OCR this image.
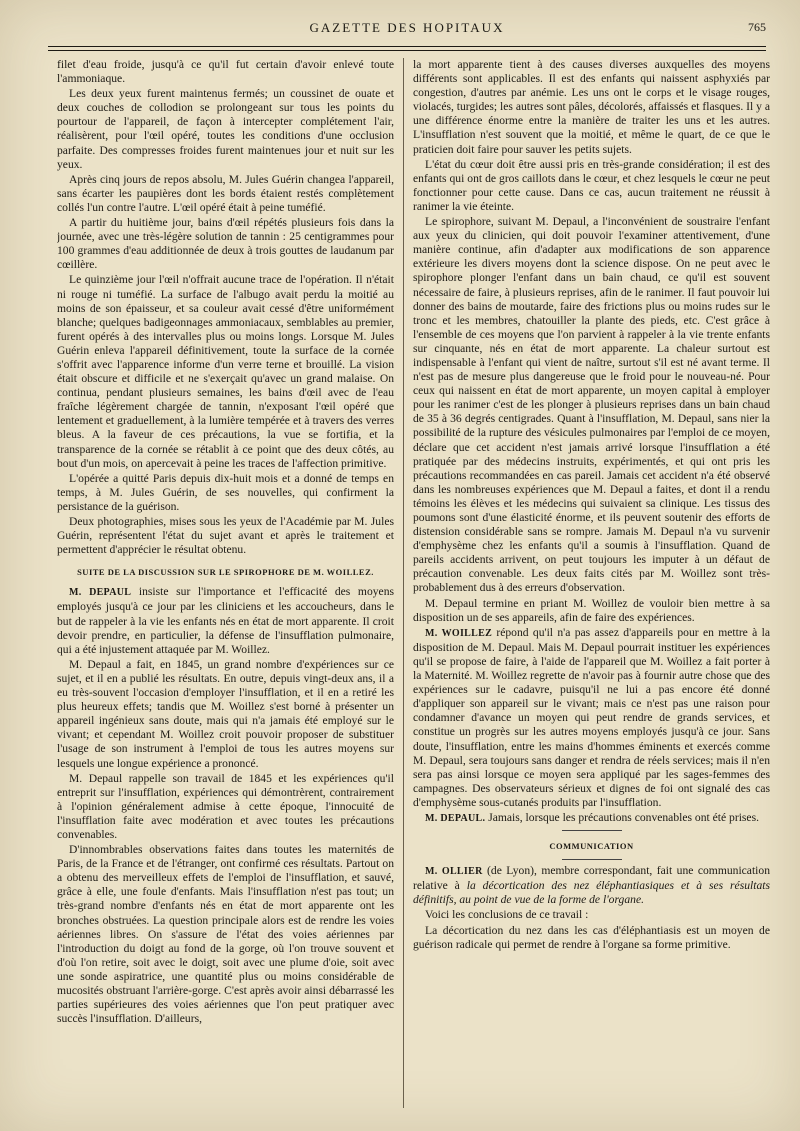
GAZETTE DES HOPITAUX	765

filet d'eau froide, jusqu'à ce qu'il fut certain d'avoir enlevé toute l'ammoniaque.

Les deux yeux furent maintenus fermés; un coussinet de ouate et deux couches de collodion se prolongeant sur tous les points du pourtour de l'appareil, de façon à intercepter complétement l'air, réalisèrent, pour l'œil opéré, toutes les conditions d'une occlusion parfaite. Des compresses froides furent maintenues jour et nuit sur les yeux.

Après cinq jours de repos absolu, M. Jules Guérin changea l'appareil, sans écarter les paupières dont les bords étaient restés complètement collés l'un contre l'autre. L'œil opéré était à peine tuméfié.

A partir du huitième jour, bains d'œil répétés plusieurs fois dans la journée, avec une très-légère solution de tannin : 25 centigrammes pour 100 grammes d'eau additionnée de deux à trois gouttes de laudanum par cœillère.

Le quinzième jour l'œil n'offrait aucune trace de l'opération. Il n'était ni rouge ni tuméfié. La surface de l'albugo avait perdu la moitié au moins de son épaisseur, et sa couleur avait cessé d'être uniformément blanche; quelques badigeonnages ammoniacaux, semblables au premier, furent opérés à des intervalles plus ou moins longs. Lorsque M. Jules Guérin enleva l'appareil définitivement, toute la surface de la cornée s'offrit avec l'apparence informe d'un verre terne et brouillé. La vision était obscure et difficile et ne s'exerçait qu'avec un grand malaise. On continua, pendant plusieurs semaines, les bains d'œil avec de l'eau fraîche légèrement chargée de tannin, n'exposant l'œil opéré que lentement et graduellement, à la lumière tempérée et à travers des verres bleus. A la faveur de ces précautions, la vue se fortifia, et la transparence de la cornée se rétablit à ce point que des deux côtés, au bout d'un mois, on apercevait à peine les traces de l'affection primitive.

L'opérée a quitté Paris depuis dix-huit mois et a donné de temps en temps, à M. Jules Guérin, de ses nouvelles, qui confirment la persistance de la guérison.

Deux photographies, mises sous les yeux de l'Académie par M. Jules Guérin, représentent l'état du sujet avant et après le traitement et permettent d'apprécier le résultat obtenu.

SUITE DE LA DISCUSSION SUR LE SPIROPHORE DE M. WOILLEZ.

M. DEPAUL insiste sur l'importance et l'efficacité des moyens employés jusqu'à ce jour par les cliniciens et les accoucheurs, dans le but de rappeler à la vie les enfants nés en état de mort apparente. Il croit devoir prendre, en particulier, la défense de l'insufflation pulmonaire, qui a été injustement attaquée par M. Woillez.

M. Depaul a fait, en 1845, un grand nombre d'expériences sur ce sujet, et il en a publié les résultats. En outre, depuis vingt-deux ans, il a eu très-souvent l'occasion d'employer l'insufflation, et il en a retiré les plus heureux effets; tandis que M. Woillez s'est borné à présenter un appareil ingénieux sans doute, mais qui n'a jamais été employé sur le vivant; et cependant M. Woillez croit pouvoir proposer de substituer l'usage de son instrument à l'emploi de tous les autres moyens sur lesquels une longue expérience a prononcé.

M. Depaul rappelle son travail de 1845 et les expériences qu'il entreprit sur l'insufflation, expériences qui démontrèrent, contrairement à l'opinion généralement admise à cette époque, l'innocuité de l'insufflation faite avec modération et avec toutes les précautions convenables.

D'innombrables observations faites dans toutes les maternités de Paris, de la France et de l'étranger, ont confirmé ces résultats. Partout on a obtenu des merveilleux effets de l'emploi de l'insufflation, et sauvé, grâce à elle, une foule d'enfants. Mais l'insufflation n'est pas tout; un très-grand nombre d'enfants nés en état de mort apparente ont les bronches obstruées. La question principale alors est de rendre les voies aériennes libres. On s'assure de l'état des voies aériennes par l'introduction du doigt au fond de la gorge, où l'on trouve souvent et d'où l'on retire, soit avec le doigt, soit avec une plume d'oie, soit avec une sonde aspiratrice, une quantité plus ou moins considérable de mucosités obstruant l'arrière-gorge. C'est après avoir ainsi débarrassé les parties supérieures des voies aériennes que l'on peut pratiquer avec succès l'insufflation. D'ailleurs,

la mort apparente tient à des causes diverses auxquelles des moyens différents sont applicables. Il est des enfants qui naissent asphyxiés par congestion, d'autres par anémie. Les uns ont le corps et le visage rouges, violacés, turgides; les autres sont pâles, décolorés, affaissés et flasques. Il y a une différence énorme entre la manière de traiter les uns et les autres. L'insufflation n'est souvent que la moitié, et même le quart, de ce que le praticien doit faire pour sauver les petits sujets.

L'état du cœur doit être aussi pris en très-grande considération; il est des enfants qui ont de gros caillots dans le cœur, et chez lesquels le cœur ne peut fonctionner pour cette cause. Dans ce cas, aucun traitement ne réussit à ranimer la vie éteinte.

Le spirophore, suivant M. Depaul, a l'inconvénient de soustraire l'enfant aux yeux du clinicien, qui doit pouvoir l'examiner attentivement, d'une manière continue, afin d'adapter aux modifications de son apparence extérieure les divers moyens dont la science dispose. On ne peut avec le spirophore plonger l'enfant dans un bain chaud, ce qu'il est souvent nécessaire de faire, à plusieurs reprises, afin de le ranimer. Il faut pouvoir lui donner des bains de moutarde, faire des frictions plus ou moins rudes sur le tronc et les membres, chatouiller la plante des pieds, etc. C'est grâce à l'ensemble de ces moyens que l'on parvient à rappeler à la vie trente enfants sur cinquante, nés en état de mort apparente. La chaleur surtout est indispensable à l'enfant qui vient de naître, surtout s'il est né avant terme. Il n'est pas de mesure plus dangereuse que le froid pour le nouveau-né. Pour ceux qui naissent en état de mort apparente, un moyen capital à employer pour les ranimer c'est de les plonger à plusieurs reprises dans un bain chaud de 35 à 36 degrés centigrades. Quant à l'insufflation, M. Depaul, sans nier la possibilité de la rupture des vésicules pulmonaires par l'emploi de ce moyen, déclare que cet accident n'est jamais arrivé lorsque l'insufflation a été pratiquée par des médecins instruits, expérimentés, et qui ont pris les précautions recommandées en cas pareil. Jamais cet accident n'a été observé dans les nombreuses expériences que M. Depaul a faites, et dont il a rendu témoins les élèves et les médecins qui suivaient sa clinique. Les tissus des poumons sont d'une élasticité énorme, et ils peuvent soutenir des efforts de distension considérable sans se rompre. Jamais M. Depaul n'a vu survenir d'emphysème chez les enfants qu'il a soumis à l'insufflation. Quand de pareils accidents arrivent, on peut toujours les imputer à un défaut de précaution convenable. Les deux faits cités par M. Woillez sont très-probablement dus à des erreurs d'observation.

M. Depaul termine en priant M. Woillez de vouloir bien mettre à sa disposition un de ses appareils, afin de faire des expériences.

M. WOILLEZ répond qu'il n'a pas assez d'appareils pour en mettre à la disposition de M. Depaul. Mais M. Depaul pourrait instituer les expériences qu'il se propose de faire, à l'aide de l'appareil que M. Woillez a fait porter à la Maternité. M. Woillez regrette de n'avoir pas à fournir autre chose que des expériences sur le cadavre, puisqu'il ne lui a pas encore été donné d'appliquer son appareil sur le vivant; mais ce n'est pas une raison pour condamner d'avance un moyen qui peut rendre de grands services, et constitue un progrès sur les autres moyens employés jusqu'à ce jour. Sans doute, l'insufflation, entre les mains d'hommes éminents et exercés comme M. Depaul, sera toujours sans danger et rendra de réels services; mais il n'en sera pas ainsi lorsque ce moyen sera appliqué par les sages-femmes des campagnes. Des observateurs sérieux et dignes de foi ont signalé des cas d'emphysème sous-cutanés produits par l'insufflation.

M. DEPAUL. Jamais, lorsque les précautions convenables ont été prises.

COMMUNICATION

M. OLLIER (de Lyon), membre correspondant, fait une communication relative à la décortication des nez éléphantiasiques et à ses résultats définitifs, au point de vue de la forme de l'organe.

Voici les conclusions de ce travail :

La décortication du nez dans les cas d'éléphantiasis est un moyen de guérison radicale qui permet de rendre à l'organe sa forme primitive.
